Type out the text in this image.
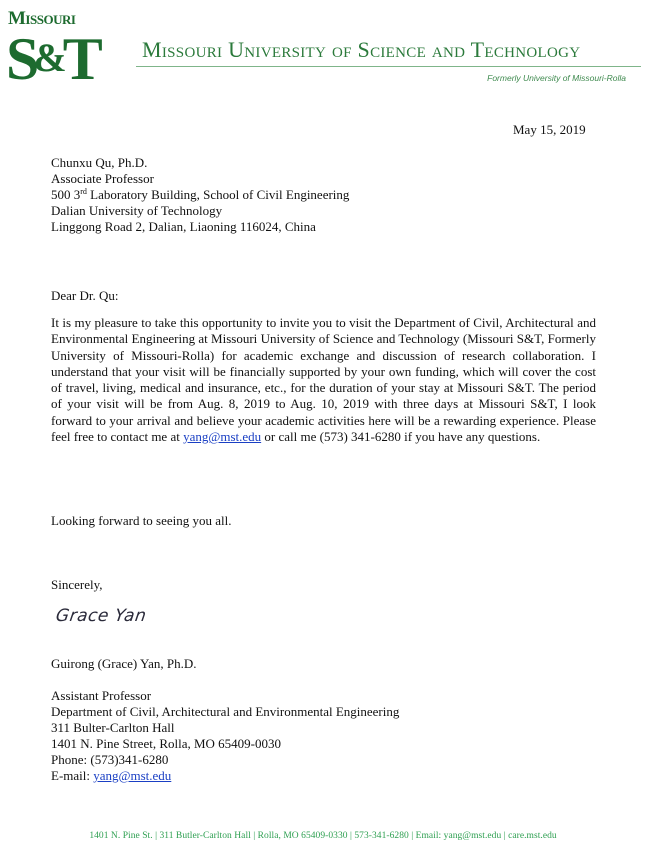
Missouri
S&T Missouri University of Science and Technology
Formerly University of Missouri-Rolla
May 15, 2019
Chunxu Qu, Ph.D.
Associate Professor
500 3rd Laboratory Building, School of Civil Engineering
Dalian University of Technology
Linggong Road 2, Dalian, Liaoning 116024, China
Dear Dr. Qu:
It is my pleasure to take this opportunity to invite you to visit the Department of Civil, Architectural and Environmental Engineering at Missouri University of Science and Technology (Missouri S&T, Formerly University of Missouri-Rolla) for academic exchange and discussion of research collaboration. I understand that your visit will be financially supported by your own funding, which will cover the cost of travel, living, medical and insurance, etc., for the duration of your stay at Missouri S&T. The period of your visit will be from Aug. 8, 2019 to Aug. 10, 2019 with three days at Missouri S&T, I look forward to your arrival and believe your academic activities here will be a rewarding experience. Please feel free to contact me at yang@mst.edu or call me (573) 341-6280 if you have any questions.
Looking forward to seeing you all.
Sincerely,
Grace Yan
Guirong (Grace) Yan, Ph.D.
Assistant Professor
Department of Civil, Architectural and Environmental Engineering
311 Bulter-Carlton Hall
1401 N. Pine Street, Rolla, MO 65409-0030
Phone: (573)341-6280
E-mail: yang@mst.edu
1401 N. Pine St. | 311 Butler-Carlton Hall | Rolla, MO 65409-0330 | 573-341-6280 | Email: yang@mst.edu | care.mst.edu
